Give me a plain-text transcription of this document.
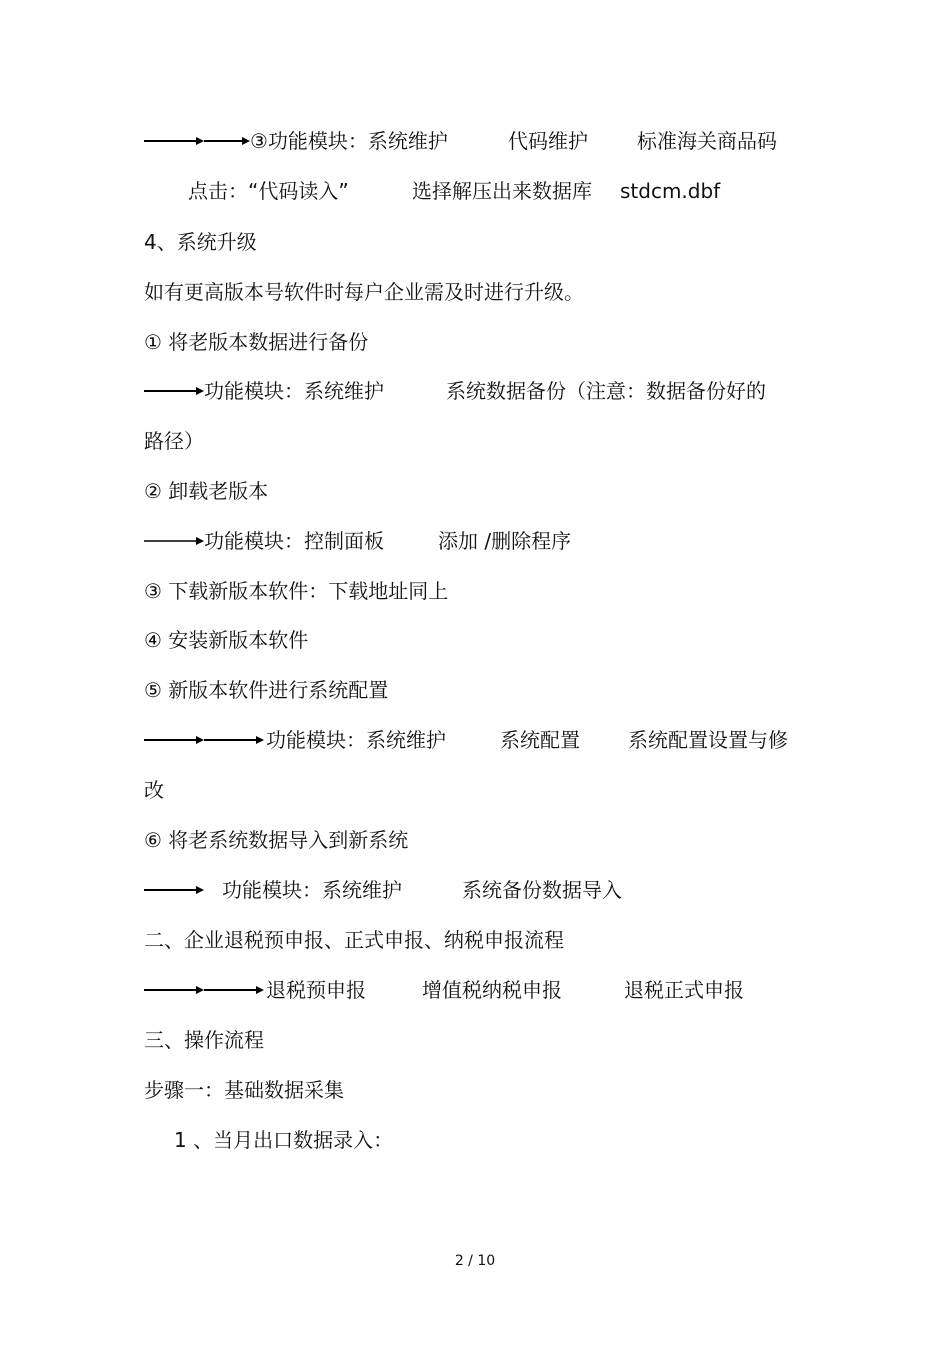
③功能模块：系统维护	代码维护 标准海关商品码
点击：“代码读入”	选择解压出来数据库 stdcm.dbf
4、系统升级
如有更高版本号软件时每户企业需及时进行升级。
① 将老版本数据进行备份
功能模块：系统维护	系统数据备份（注意：数据备份好的
路径）
② 卸载老版本
功能模块：控制面板	添加 /删除程序
③ 下载新版本软件：下载地址同上
④ 安装新版本软件
⑤ 新版本软件进行系统配置
功能模块：系统维护	系统配置 系统配置设置与修
改
⑥ 将老系统数据导入到新系统
功能模块：系统维护	系统备份数据导入
二、企业退税预申报、正式申报、纳税申报流程
退税预申报	增值税纳税申报	退税正式申报
三、操作流程
步骤一：基础数据采集
1 、当月出口数据录入：
2 / 10
